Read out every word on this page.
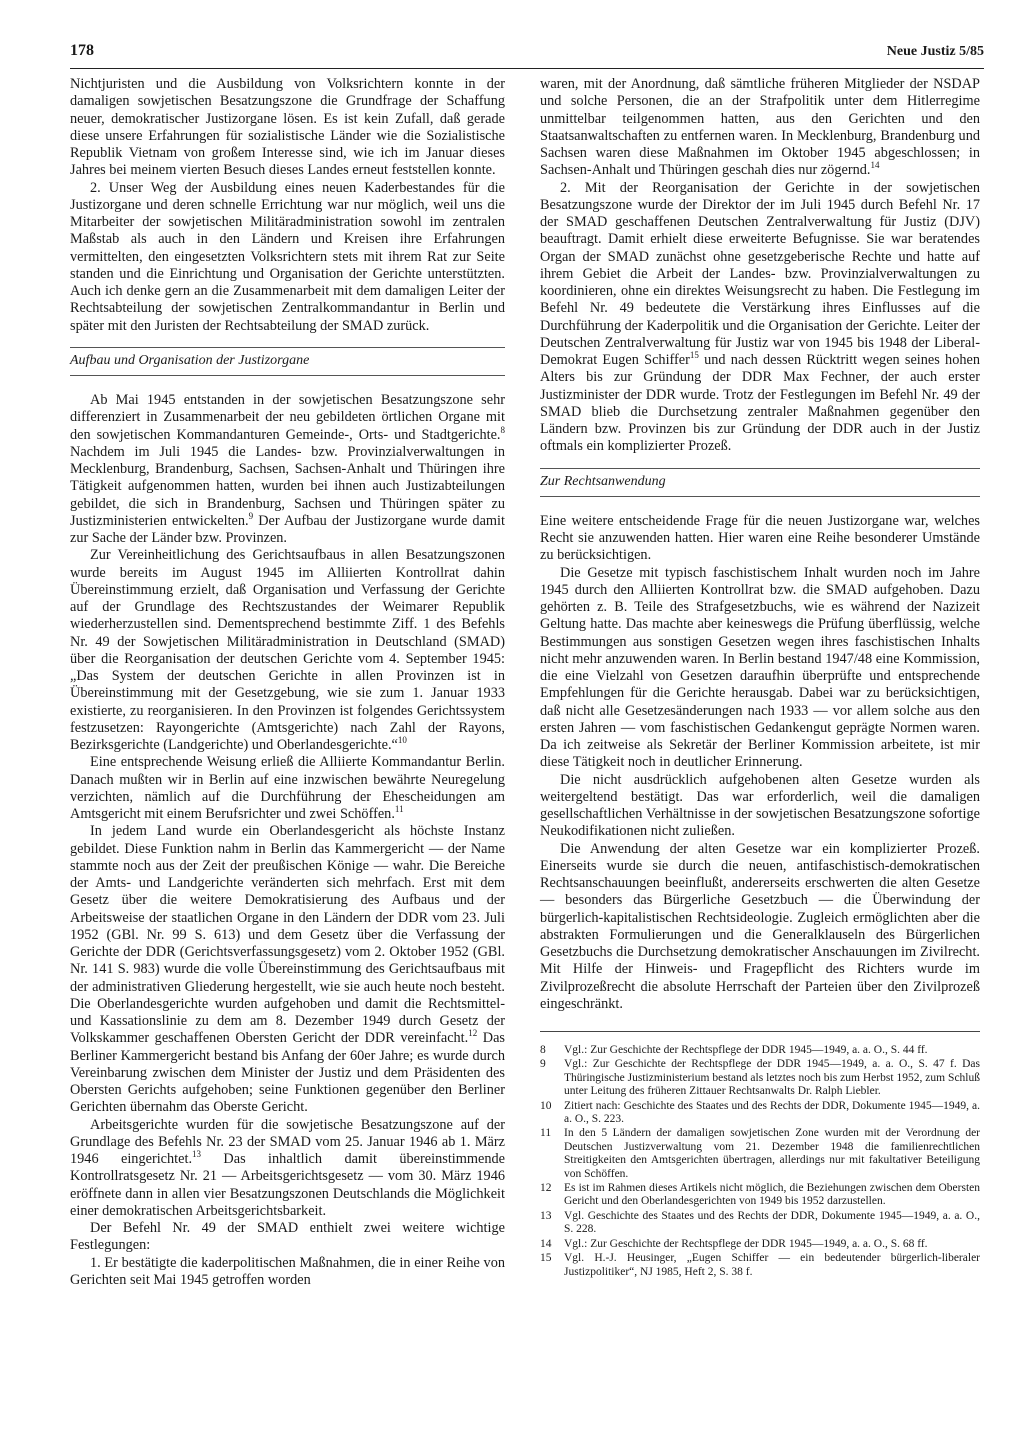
178	Neue Justiz 5/85

Nichtjuristen und die Ausbildung von Volksrichtern konnte in der damaligen sowjetischen Besatzungszone die Grundfrage der Schaffung neuer, demokratischer Justizorgane lösen. Es ist kein Zufall, daß gerade diese unsere Erfahrungen für sozialistische Länder wie die Sozialistische Republik Vietnam von großem Interesse sind, wie ich im Januar dieses Jahres bei meinem vierten Besuch dieses Landes erneut feststellen konnte.

2. Unser Weg der Ausbildung eines neuen Kaderbestandes für die Justizorgane und deren schnelle Errichtung war nur möglich, weil uns die Mitarbeiter der sowjetischen Militäradministration sowohl im zentralen Maßstab als auch in den Ländern und Kreisen ihre Erfahrungen vermittelten, den eingesetzten Volksrichtern stets mit ihrem Rat zur Seite standen und die Einrichtung und Organisation der Gerichte unterstützten. Auch ich denke gern an die Zusammenarbeit mit dem damaligen Leiter der Rechtsabteilung der sowjetischen Zentralkommandantur in Berlin und später mit den Juristen der Rechtsabteilung der SMAD zurück.

Aufbau und Organisation der Justizorgane

Ab Mai 1945 entstanden in der sowjetischen Besatzungszone sehr differenziert in Zusammenarbeit der neu gebildeten örtlichen Organe mit den sowjetischen Kommandanturen Gemeinde-, Orts- und Stadtgerichte.$^8$ Nachdem im Juli 1945 die Landes- bzw. Provinzialverwaltungen in Mecklenburg, Brandenburg, Sachsen, Sachsen-Anhalt und Thüringen ihre Tätigkeit aufgenommen hatten, wurden bei ihnen auch Justizabteilungen gebildet, die sich in Brandenburg, Sachsen und Thüringen später zu Justizministerien entwickelten.$^9$ Der Aufbau der Justizorgane wurde damit zur Sache der Länder bzw. Provinzen.

Zur Vereinheitlichung des Gerichtsaufbaus in allen Besatzungszonen wurde bereits im August 1945 im Alliierten Kontrollrat dahin Übereinstimmung erzielt, daß Organisation und Verfassung der Gerichte auf der Grundlage des Rechtszustandes der Weimarer Republik wiederherzustellen sind. Dementsprechend bestimmte Ziff. 1 des Befehls Nr. 49 der Sowjetischen Militäradministration in Deutschland (SMAD) über die Reorganisation der deutschen Gerichte vom 4. September 1945: „Das System der deutschen Gerichte in allen Provinzen ist in Übereinstimmung mit der Gesetzgebung, wie sie zum 1. Januar 1933 existierte, zu reorganisieren. In den Provinzen ist folgendes Gerichtssystem festzusetzen: Rayongerichte (Amtsgerichte) nach Zahl der Rayons, Bezirksgerichte (Landgerichte) und Oberlandesgerichte.“$^{10}$

Eine entsprechende Weisung erließ die Alliierte Kommandantur Berlin. Danach mußten wir in Berlin auf eine inzwischen bewährte Neuregelung verzichten, nämlich auf die Durchführung der Ehescheidungen am Amtsgericht mit einem Berufsrichter und zwei Schöffen.$^{11}$

In jedem Land wurde ein Oberlandesgericht als höchste Instanz gebildet. Diese Funktion nahm in Berlin das Kammergericht — der Name stammte noch aus der Zeit der preußischen Könige — wahr. Die Bereiche der Amts- und Landgerichte veränderten sich mehrfach. Erst mit dem Gesetz über die weitere Demokratisierung des Aufbaus und der Arbeitsweise der staatlichen Organe in den Ländern der DDR vom 23. Juli 1952 (GBl. Nr. 99 S. 613) und dem Gesetz über die Verfassung der Gerichte der DDR (Gerichtsverfassungsgesetz) vom 2. Oktober 1952 (GBl. Nr. 141 S. 983) wurde die volle Übereinstimmung des Gerichtsaufbaus mit der administrativen Gliederung hergestellt, wie sie auch heute noch besteht. Die Oberlandesgerichte wurden aufgehoben und damit die Rechtsmittel- und Kassationslinie zu dem am 8. Dezember 1949 durch Gesetz der Volkskammer geschaffenen Obersten Gericht der DDR vereinfacht.$^{12}$ Das Berliner Kammergericht bestand bis Anfang der 60er Jahre; es wurde durch Vereinbarung zwischen dem Minister der Justiz und dem Präsidenten des Obersten Gerichts aufgehoben; seine Funktionen gegenüber den Berliner Gerichten übernahm das Oberste Gericht.

Arbeitsgerichte wurden für die sowjetische Besatzungszone auf der Grundlage des Befehls Nr. 23 der SMAD vom 25. Januar 1946 ab 1. März 1946 eingerichtet.$^{13}$ Das inhaltlich damit übereinstimmende Kontrollratsgesetz Nr. 21 — Arbeitsgerichtsgesetz — vom 30. März 1946 eröffnete dann in allen vier Besatzungszonen Deutschlands die Möglichkeit einer demokratischen Arbeitsgerichtsbarkeit.

Der Befehl Nr. 49 der SMAD enthielt zwei weitere wichtige Festlegungen:

1. Er bestätigte die kaderpolitischen Maßnahmen, die in einer Reihe von Gerichten seit Mai 1945 getroffen worden

waren, mit der Anordnung, daß sämtliche früheren Mitglieder der NSDAP und solche Personen, die an der Strafpolitik unter dem Hitlerregime unmittelbar teilgenommen hatten, aus den Gerichten und den Staatsanwaltschaften zu entfernen waren. In Mecklenburg, Brandenburg und Sachsen waren diese Maßnahmen im Oktober 1945 abgeschlossen; in Sachsen-Anhalt und Thüringen geschah dies nur zögernd.$^{14}$

2. Mit der Reorganisation der Gerichte in der sowjetischen Besatzungszone wurde der Direktor der im Juli 1945 durch Befehl Nr. 17 der SMAD geschaffenen Deutschen Zentralverwaltung für Justiz (DJV) beauftragt. Damit erhielt diese erweiterte Befugnisse. Sie war beratendes Organ der SMAD zunächst ohne gesetzgeberische Rechte und hatte auf ihrem Gebiet die Arbeit der Landes- bzw. Provinzialverwaltungen zu koordinieren, ohne ein direktes Weisungsrecht zu haben. Die Festlegung im Befehl Nr. 49 bedeutete die Verstärkung ihres Einflusses auf die Durchführung der Kaderpolitik und die Organisation der Gerichte. Leiter der Deutschen Zentralverwaltung für Justiz war von 1945 bis 1948 der Liberal-Demokrat Eugen Schiffer$^{15}$ und nach dessen Rücktritt wegen seines hohen Alters bis zur Gründung der DDR Max Fechner, der auch erster Justizminister der DDR wurde. Trotz der Festlegungen im Befehl Nr. 49 der SMAD blieb die Durchsetzung zentraler Maßnahmen gegenüber den Ländern bzw. Provinzen bis zur Gründung der DDR auch in der Justiz oftmals ein komplizierter Prozeß.

Zur Rechtsanwendung

Eine weitere entscheidende Frage für die neuen Justizorgane war, welches Recht sie anzuwenden hatten. Hier waren eine Reihe besonderer Umstände zu berücksichtigen.

Die Gesetze mit typisch faschistischem Inhalt wurden noch im Jahre 1945 durch den Alliierten Kontrollrat bzw. die SMAD aufgehoben. Dazu gehörten z. B. Teile des Strafgesetzbuchs, wie es während der Nazizeit Geltung hatte. Das machte aber keineswegs die Prüfung überflüssig, welche Bestimmungen aus sonstigen Gesetzen wegen ihres faschistischen Inhalts nicht mehr anzuwenden waren. In Berlin bestand 1947/48 eine Kommission, die eine Vielzahl von Gesetzen daraufhin überprüfte und entsprechende Empfehlungen für die Gerichte herausgab. Dabei war zu berücksichtigen, daß nicht alle Gesetzesänderungen nach 1933 — vor allem solche aus den ersten Jahren — vom faschistischen Gedankengut geprägte Normen waren. Da ich zeitweise als Sekretär der Berliner Kommission arbeitete, ist mir diese Tätigkeit noch in deutlicher Erinnerung.

Die nicht ausdrücklich aufgehobenen alten Gesetze wurden als weitergeltend bestätigt. Das war erforderlich, weil die damaligen gesellschaftlichen Verhältnisse in der sowjetischen Besatzungszone sofortige Neukodifikationen nicht zuließen.

Die Anwendung der alten Gesetze war ein komplizierter Prozeß. Einerseits wurde sie durch die neuen, antifaschistisch-demokratischen Rechtsanschauungen beeinflußt, andererseits erschwerten die alten Gesetze — besonders das Bürgerliche Gesetzbuch — die Überwindung der bürgerlich-kapitalistischen Rechtsideologie. Zugleich ermöglichten aber die abstrakten Formulierungen und die Generalklauseln des Bürgerlichen Gesetzbuchs die Durchsetzung demokratischer Anschauungen im Zivilrecht. Mit Hilfe der Hinweis- und Fragepflicht des Richters wurde im Zivilprozeßrecht die absolute Herrschaft der Parteien über den Zivilprozeß eingeschränkt.

8	Vgl.: Zur Geschichte der Rechtspflege der DDR 1945—1949, a. a. O., S. 44 ff.
9	Vgl.: Zur Geschichte der Rechtspflege der DDR 1945—1949, a. a. O., S. 47 f. Das Thüringische Justizministerium bestand als letztes noch bis zum Herbst 1952, zum Schluß unter Leitung des früheren Zittauer Rechtsanwalts Dr. Ralph Liebler.
10	Zitiert nach: Geschichte des Staates und des Rechts der DDR, Dokumente 1945—1949, a. a. O., S. 223.
11	In den 5 Ländern der damaligen sowjetischen Zone wurden mit der Verordnung der Deutschen Justizverwaltung vom 21. Dezember 1948 die familienrechtlichen Streitigkeiten den Amtsgerichten übertragen, allerdings nur mit fakultativer Beteiligung von Schöffen.
12	Es ist im Rahmen dieses Artikels nicht möglich, die Beziehungen zwischen dem Obersten Gericht und den Oberlandesgerichten von 1949 bis 1952 darzustellen.
13	Vgl. Geschichte des Staates und des Rechts der DDR, Dokumente 1945—1949, a. a. O., S. 228.
14	Vgl.: Zur Geschichte der Rechtspflege der DDR 1945—1949, a. a. O., S. 68 ff.
15	Vgl. H.-J. Heusinger, „Eugen Schiffer — ein bedeutender bürgerlich-liberaler Justizpolitiker“, NJ 1985, Heft 2, S. 38 f.
